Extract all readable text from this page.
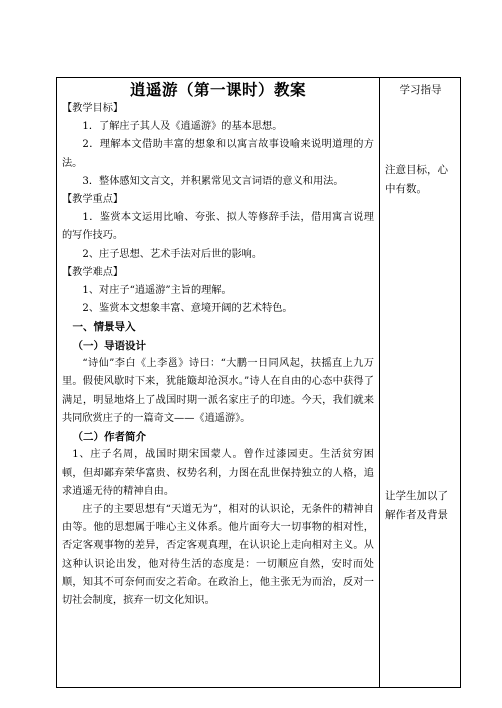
逍遥游（第一课时）教案

【教学目标】

1．了解庄子其人及《逍遥游》的基本思想。

2．理解本文借助丰富的想象和以寓言故事设喻来说明道理的方法。

3．整体感知文言文，并积累常见文言词语的意义和用法。

【教学重点】

1．鉴赏本文运用比喻、夸张、拟人等修辞手法，借用寓言说理的写作技巧。

2、庄子思想、艺术手法对后世的影响。

【教学难点】

1、对庄子“逍遥游”主旨的理解。

2、鉴赏本文想象丰富、意境开阔的艺术特色。

一、情景导入

（一）导语设计

“诗仙”李白《上李邕》诗曰：“大鹏一日同风起，扶摇直上九万里。假使风歇时下来，犹能簸却沧溟水。”诗人在自由的心态中获得了满足，明显地烙上了战国时期一派名家庄子的印迹。今天，我们就来共同欣赏庄子的一篇奇文——《逍遥游》。

（二）作者简介

1、庄子名周，战国时期宋国蒙人。曾作过漆园吏。生活贫穷困顿，但却鄙弃荣华富贵、权势名利，力图在乱世保持独立的人格，追求逍遥无待的精神自由。

庄子的主要思想有“天道无为”，相对的认识论，无条件的精神自由等。他的思想属于唯心主义体系。他片面夸大一切事物的相对性，否定客观事物的差异，否定客观真理，在认识论上走向相对主义。从这种认识论出发，他对待生活的态度是：一切顺应自然，安时而处顺，知其不可奈何而安之若命。在政治上，他主张无为而治，反对一切社会制度，摈弃一切文化知识。

学习指导

注意目标，心中有数。

让学生加以了解作者及背景
